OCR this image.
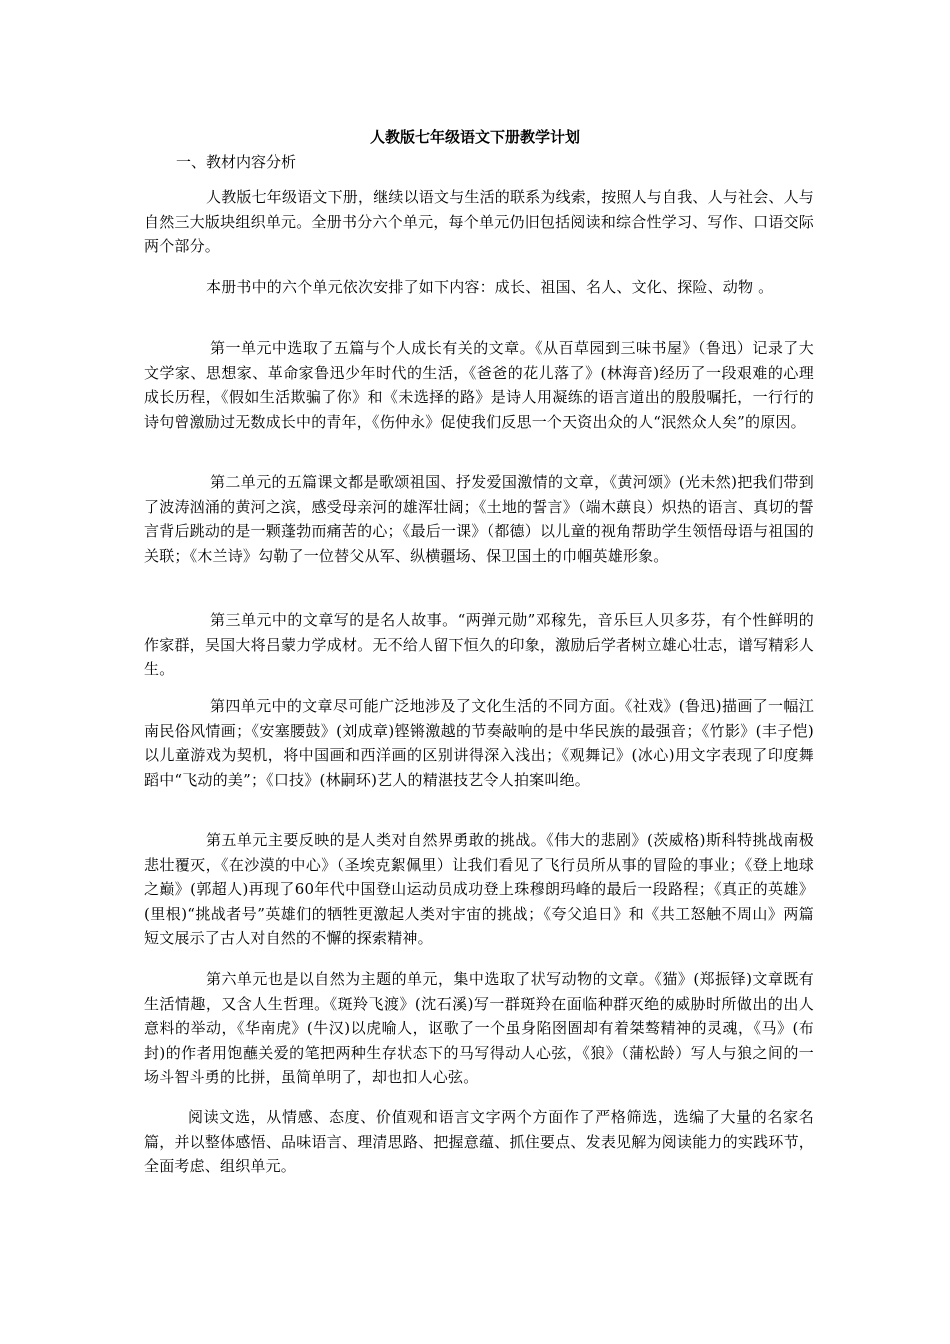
人教版七年级语文下册教学计划

一、教材内容分析

人教版七年级语文下册，继续以语文与生活的联系为线索，按照人与自我、人与社会、人与自然三大版块组织单元。全册书分六个单元，每个单元仍旧包括阅读和综合性学习、写作、口语交际两个部分。

本册书中的六个单元依次安排了如下内容：成长、祖国、名人、文化、探险、动物 。

第一单元中选取了五篇与个人成长有关的文章。《从百草园到三味书屋》（鲁迅）记录了大文学家、思想家、革命家鲁迅少年时代的生活，《爸爸的花儿落了》(林海音)经历了一段艰难的心理成长历程，《假如生活欺骗了你》和《未选择的路》是诗人用凝练的语言道出的殷殷嘱托，一行行的诗句曾激励过无数成长中的青年，《伤仲永》促使我们反思一个天资出众的人“泯然众人矣”的原因。

第二单元的五篇课文都是歌颂祖国、抒发爱国激情的文章，《黄河颂》(光未然)把我们带到了波涛汹涌的黄河之滨，感受母亲河的雄浑壮阔；《土地的誓言》（端木蕻良）炽热的语言、真切的誓言背后跳动的是一颗蓬勃而痛苦的心；《最后一课》（都德）以儿童的视角帮助学生领悟母语与祖国的关联；《木兰诗》勾勒了一位替父从军、纵横疆场、保卫国土的巾帼英雄形象。

第三单元中的文章写的是名人故事。“两弹元勋”邓稼先，音乐巨人贝多芬，有个性鲜明的作家群，吴国大将吕蒙力学成材。无不给人留下恒久的印象，激励后学者树立雄心壮志，谱写精彩人生。

第四单元中的文章尽可能广泛地涉及了文化生活的不同方面。《社戏》(鲁迅)描画了一幅江南民俗风情画；《安塞腰鼓》(刘成章)铿锵激越的节奏敲响的是中华民族的最强音；《竹影》(丰子恺)以儿童游戏为契机，将中国画和西洋画的区别讲得深入浅出；《观舞记》(冰心)用文字表现了印度舞蹈中“飞动的美”；《口技》(林嗣环)艺人的精湛技艺令人拍案叫绝。

第五单元主要反映的是人类对自然界勇敢的挑战。《伟大的悲剧》(茨威格)斯科特挑战南极悲壮覆灭，《在沙漠的中心》（圣埃克絮佩里）让我们看见了飞行员所从事的冒险的事业；《登上地球之巅》(郭超人)再现了60年代中国登山运动员成功登上珠穆朗玛峰的最后一段路程；《真正的英雄》(里根)“挑战者号”英雄们的牺牲更激起人类对宇宙的挑战；《夸父追日》和《共工怒触不周山》两篇短文展示了古人对自然的不懈的探索精神。

第六单元也是以自然为主题的单元，集中选取了状写动物的文章。《猫》(郑振铎)文章既有生活情趣，又含人生哲理。《斑羚飞渡》(沈石溪)写一群斑羚在面临种群灭绝的威胁时所做出的出人意料的举动，《华南虎》(牛汉)以虎喻人，讴歌了一个虽身陷囹圄却有着桀骜精神的灵魂，《马》(布封)的作者用饱蘸关爱的笔把两种生存状态下的马写得动人心弦，《狼》（蒲松龄）写人与狼之间的一场斗智斗勇的比拼，虽简单明了，却也扣人心弦。

阅读文选，从情感、态度、价值观和语言文字两个方面作了严格筛选，选编了大量的名家名篇，并以整体感悟、品味语言、理清思路、把握意蕴、抓住要点、发表见解为阅读能力的实践环节，全面考虑、组织单元。
